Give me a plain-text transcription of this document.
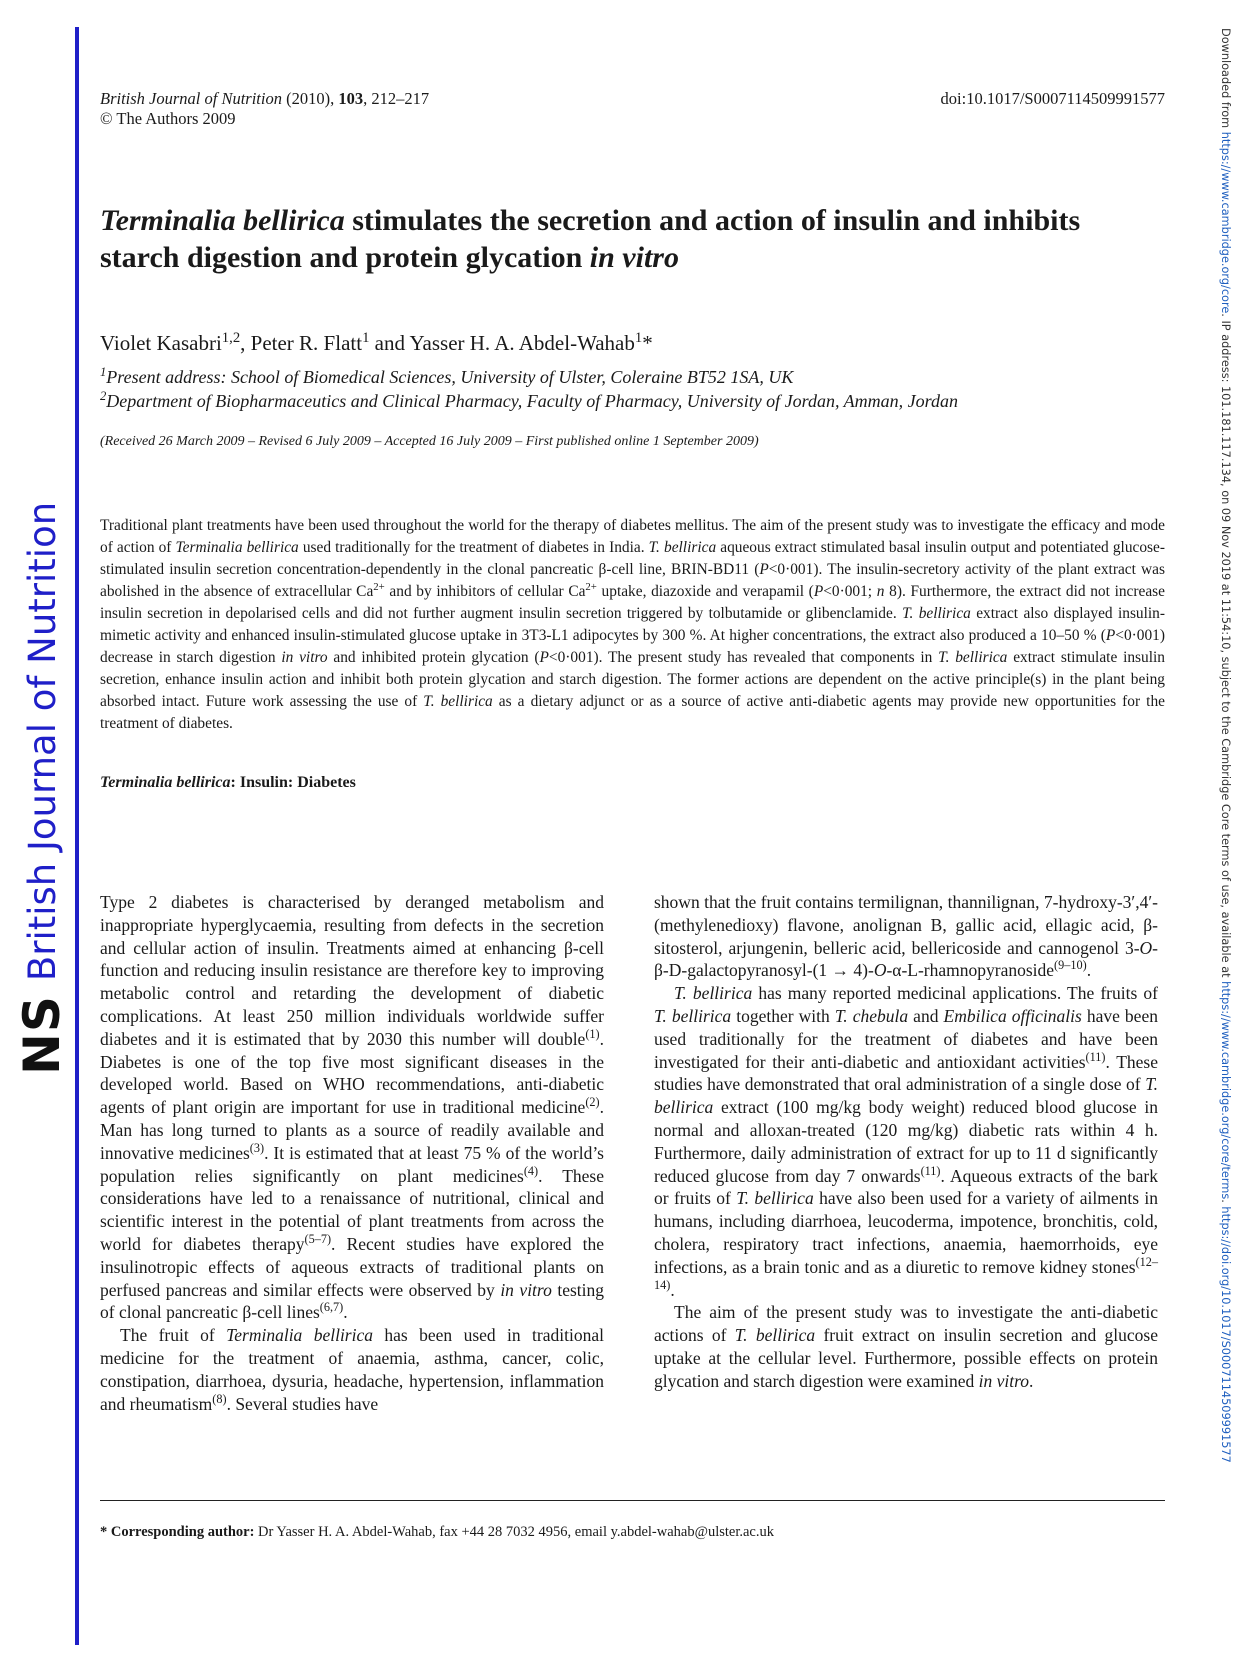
NS
British Journal of Nutrition
Downloaded from https://www.cambridge.org/core. IP address: 101.181.117.134, on 09 Nov 2019 at 11:54:10, subject to the Cambridge Core terms of use, available at https://www.cambridge.org/core/terms. https://doi.org/10.1017/S0007114509991577
British Journal of Nutrition (2010), 103, 212–217
© The Authors 2009
doi:10.1017/S0007114509991577
Terminalia bellirica stimulates the secretion and action of insulin and inhibits starch digestion and protein glycation in vitro
Violet Kasabri$^{1,2}$, Peter R. Flatt$^1$ and Yasser H. A. Abdel-Wahab$^1$*
$^1$Present address: School of Biomedical Sciences, University of Ulster, Coleraine BT52 1SA, UK
$^2$Department of Biopharmaceutics and Clinical Pharmacy, Faculty of Pharmacy, University of Jordan, Amman, Jordan
(Received 26 March 2009 – Revised 6 July 2009 – Accepted 16 July 2009 – First published online 1 September 2009)

Traditional plant treatments have been used throughout the world for the therapy of diabetes mellitus. The aim of the present study was to investigate the efficacy and mode of action of Terminalia bellirica used traditionally for the treatment of diabetes in India. T. bellirica aqueous extract stimulated basal insulin output and potentiated glucose-stimulated insulin secretion concentration-dependently in the clonal pancreatic β-cell line, BRIN-BD11 (P<0·001). The insulin-secretory activity of the plant extract was abolished in the absence of extracellular $Ca^{2+}$ and by inhibitors of cellular $Ca^{2+}$ uptake, diazoxide and verapamil (P<0·001; n 8). Furthermore, the extract did not increase insulin secretion in depolarised cells and did not further augment insulin secretion triggered by tolbutamide or glibenclamide. T. bellirica extract also displayed insulin-mimetic activity and enhanced insulin-stimulated glucose uptake in 3T3-L1 adipocytes by 300 %. At higher concentrations, the extract also produced a 10–50 % (P<0·001) decrease in starch digestion in vitro and inhibited protein glycation (P<0·001). The present study has revealed that components in T. bellirica extract stimulate insulin secretion, enhance insulin action and inhibit both protein glycation and starch digestion. The former actions are dependent on the active principle(s) in the plant being absorbed intact. Future work assessing the use of T. bellirica as a dietary adjunct or as a source of active anti-diabetic agents may provide new opportunities for the treatment of diabetes.

Terminalia bellirica: Insulin: Diabetes

Type 2 diabetes is characterised by deranged metabolism and inappropriate hyperglycaemia, resulting from defects in the secretion and cellular action of insulin. Treatments aimed at enhancing β-cell function and reducing insulin resistance are therefore key to improving metabolic control and retarding the development of diabetic complications. At least 250 million individuals worldwide suffer diabetes and it is estimated that by 2030 this number will double$^{(1)}$. Diabetes is one of the top five most significant diseases in the developed world. Based on WHO recommendations, anti-diabetic agents of plant origin are important for use in traditional medicine$^{(2)}$. Man has long turned to plants as a source of readily available and innovative medicines$^{(3)}$. It is estimated that at least 75 % of the world’s population relies significantly on plant medicines$^{(4)}$. These considerations have led to a renaissance of nutritional, clinical and scientific interest in the potential of plant treatments from across the world for diabetes therapy$^{(5-7)}$. Recent studies have explored the insulinotropic effects of aqueous extracts of traditional plants on perfused pancreas and similar effects were observed by in vitro testing of clonal pancreatic β-cell lines$^{(6,7)}$.

The fruit of Terminalia bellirica has been used in traditional medicine for the treatment of anaemia, asthma, cancer, colic, constipation, diarrhoea, dysuria, headache, hypertension, inflammation and rheumatism$^{(8)}$. Several studies have

shown that the fruit contains termilignan, thannilignan, 7-hydroxy-3′,4′-(methylenedioxy) flavone, anolignan B, gallic acid, ellagic acid, β-sitosterol, arjungenin, belleric acid, bellericoside and cannogenol 3-O-β-D-galactopyranosyl-(1 → 4)-O-α-L-rhamnopyranoside$^{(9-10)}$.

T. bellirica has many reported medicinal applications. The fruits of T. bellirica together with T. chebula and Embilica officinalis have been used traditionally for the treatment of diabetes and have been investigated for their anti-diabetic and antioxidant activities$^{(11)}$. These studies have demonstrated that oral administration of a single dose of T. bellirica extract (100 mg/kg body weight) reduced blood glucose in normal and alloxan-treated (120 mg/kg) diabetic rats within 4 h. Furthermore, daily administration of extract for up to 11 d significantly reduced glucose from day 7 onwards$^{(11)}$. Aqueous extracts of the bark or fruits of T. bellirica have also been used for a variety of ailments in humans, including diarrhoea, leucoderma, impotence, bronchitis, cold, cholera, respiratory tract infections, anaemia, haemorrhoids, eye infections, as a brain tonic and as a diuretic to remove kidney stones$^{(12-14)}$.

The aim of the present study was to investigate the anti-diabetic actions of T. bellirica fruit extract on insulin secretion and glucose uptake at the cellular level. Furthermore, possible effects on protein glycation and starch digestion were examined in vitro.

* Corresponding author: Dr Yasser H. A. Abdel-Wahab, fax +44 28 7032 4956, email y.abdel-wahab@ulster.ac.uk
